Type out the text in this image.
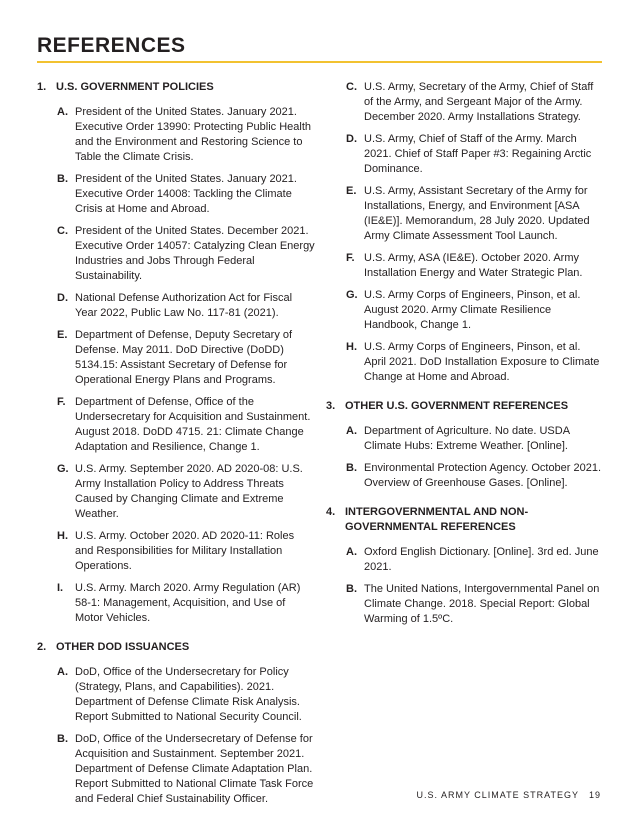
REFERENCES
1. U.S. GOVERNMENT POLICIES
A. President of the United States. January 2021. Executive Order 13990: Protecting Public Health and the Environment and Restoring Science to Table the Climate Crisis.
B. President of the United States. January 2021. Executive Order 14008: Tackling the Climate Crisis at Home and Abroad.
C. President of the United States. December 2021. Executive Order 14057: Catalyzing Clean Energy Industries and Jobs Through Federal Sustainability.
D. National Defense Authorization Act for Fiscal Year 2022, Public Law No. 117-81 (2021).
E. Department of Defense, Deputy Secretary of Defense. May 2011. DoD Directive (DoDD) 5134.15: Assistant Secretary of Defense for Operational Energy Plans and Programs.
F. Department of Defense, Office of the Undersecretary for Acquisition and Sustainment. August 2018. DoDD 4715. 21: Climate Change Adaptation and Resilience, Change 1.
G. U.S. Army. September 2020. AD 2020-08: U.S. Army Installation Policy to Address Threats Caused by Changing Climate and Extreme Weather.
H. U.S. Army. October 2020. AD 2020-11: Roles and Responsibilities for Military Installation Operations.
I.	U.S. Army. March 2020. Army Regulation (AR) 58-1: Management, Acquisition, and Use of Motor Vehicles.
2. OTHER DOD ISSUANCES
A. DoD, Office of the Undersecretary for Policy (Strategy, Plans, and Capabilities). 2021. Department of Defense Climate Risk Analysis. Report Submitted to National Security Council.
B. DoD, Office of the Undersecretary of Defense for Acquisition and Sustainment. September 2021. Department of Defense Climate Adaptation Plan. Report Submitted to National Climate Task Force and Federal Chief Sustainability Officer.
C. U.S. Army, Secretary of the Army, Chief of Staff of the Army, and Sergeant Major of the Army. December 2020. Army Installations Strategy.
D. U.S. Army, Chief of Staff of the Army. March 2021. Chief of Staff Paper #3: Regaining Arctic Dominance.
E. U.S. Army, Assistant Secretary of the Army for Installations, Energy, and Environment [ASA (IE&E)]. Memorandum, 28 July 2020. Updated Army Climate Assessment Tool Launch.
F. U.S. Army, ASA (IE&E). October 2020. Army Installation Energy and Water Strategic Plan.
G. U.S. Army Corps of Engineers, Pinson, et al. August 2020. Army Climate Resilience Handbook, Change 1.
H. U.S. Army Corps of Engineers, Pinson, et al. April 2021. DoD Installation Exposure to Climate Change at Home and Abroad.
3. OTHER U.S. GOVERNMENT REFERENCES
A. Department of Agriculture. No date. USDA Climate Hubs: Extreme Weather. [Online].
B. Environmental Protection Agency. October 2021. Overview of Greenhouse Gases. [Online].
4. INTERGOVERNMENTAL AND NON-GOVERNMENTAL REFERENCES
A. Oxford English Dictionary. [Online]. 3rd ed. June 2021.
B. The United Nations, Intergovernmental Panel on Climate Change. 2018. Special Report: Global Warming of 1.5ºC.
U.S. ARMY CLIMATE STRATEGY 19
